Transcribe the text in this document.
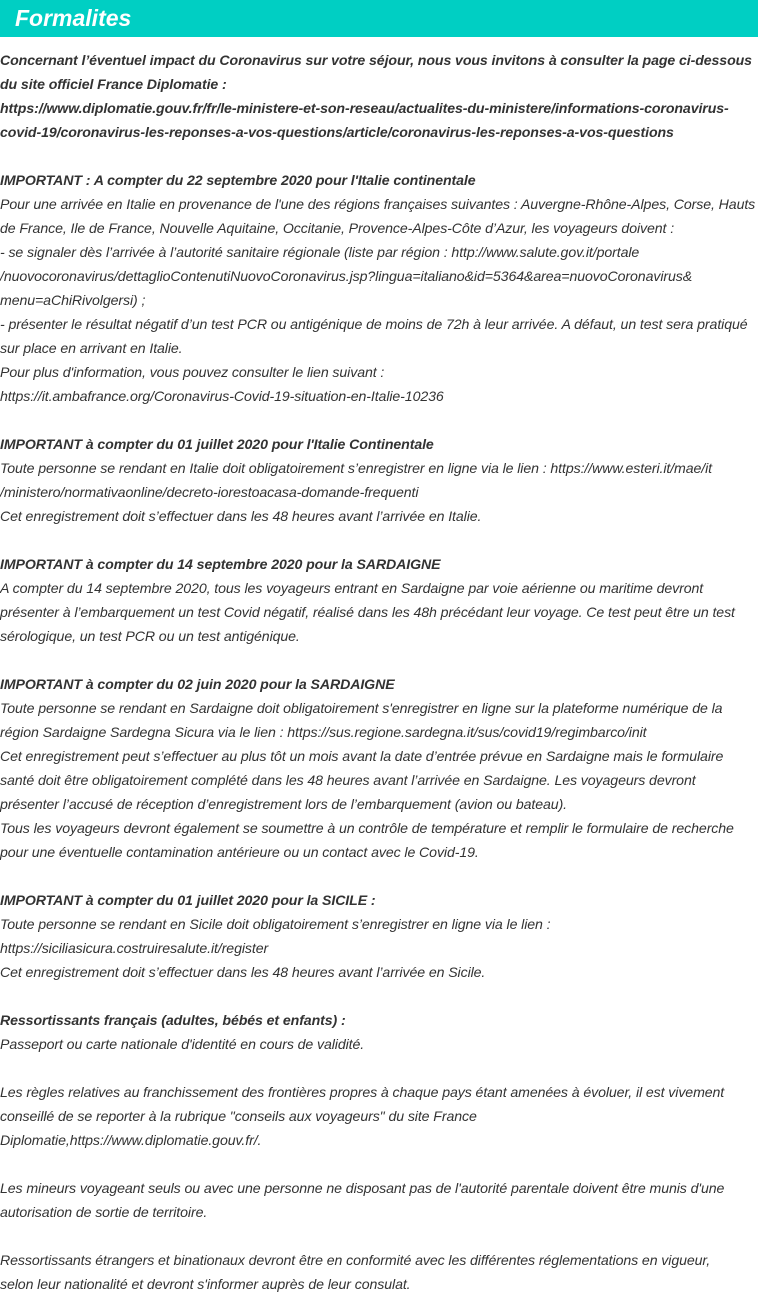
Formalites
Concernant l’éventuel impact du Coronavirus sur votre séjour, nous vous invitons à consulter la page ci-dessous
du site officiel France Diplomatie :
https://www.diplomatie.gouv.fr/fr/le-ministere-et-son-reseau/actualites-du-ministere/informations-coronavirus-
covid-19/coronavirus-les-reponses-a-vos-questions/article/coronavirus-les-reponses-a-vos-questions
IMPORTANT : A compter du 22 septembre 2020 pour l'Italie continentale
Pour une arrivée en Italie en provenance de l'une des régions françaises suivantes : Auvergne-Rhône-Alpes, Corse, Hauts
de France, Ile de France, Nouvelle Aquitaine, Occitanie, Provence-Alpes-Côte d’Azur, les voyageurs doivent :
- se signaler dès l’arrivée à l’autorité sanitaire régionale (liste par région : http://www.salute.gov.it/portale
/nuovocoronavirus/dettaglioContenutiNuovoCoronavirus.jsp?lingua=italiano&id=5364&area=nuovoCoronavirus&
menu=aChiRivolgersi) ;
- présenter le résultat négatif d’un test PCR ou antigénique de moins de 72h à leur arrivée. A défaut, un test sera pratiqué
sur place en arrivant en Italie.
Pour plus d'information, vous pouvez consulter le lien suivant :
https://it.ambafrance.org/Coronavirus-Covid-19-situation-en-Italie-10236
IMPORTANT à compter du 01 juillet 2020 pour l'Italie Continentale
Toute personne se rendant en Italie doit obligatoirement s’enregistrer en ligne via le lien : https://www.esteri.it/mae/it
/ministero/normativaonline/decreto-iorestoacasa-domande-frequenti
Cet enregistrement doit s’effectuer dans les 48 heures avant l’arrivée en Italie.
IMPORTANT à compter du 14 septembre 2020 pour la SARDAIGNE
A compter du 14 septembre 2020, tous les voyageurs entrant en Sardaigne par voie aérienne ou maritime devront
présenter à l’embarquement un test Covid négatif, réalisé dans les 48h précédant leur voyage. Ce test peut être un test
sérologique, un test PCR ou un test antigénique.
IMPORTANT à compter du 02 juin 2020 pour la SARDAIGNE
Toute personne se rendant en Sardaigne doit obligatoirement s'enregistrer en ligne sur la plateforme numérique de la
région Sardaigne Sardegna Sicura via le lien : https://sus.regione.sardegna.it/sus/covid19/regimbarco/init
Cet enregistrement peut s’effectuer au plus tôt un mois avant la date d’entrée prévue en Sardaigne mais le formulaire
santé doit être obligatoirement complété dans les 48 heures avant l’arrivée en Sardaigne. Les voyageurs devront
présenter l’accusé de réception d’enregistrement lors de l’embarquement (avion ou bateau).
Tous les voyageurs devront également se soumettre à un contrôle de température et remplir le formulaire de recherche
pour une éventuelle contamination antérieure ou un contact avec le Covid-19.
IMPORTANT à compter du 01 juillet 2020 pour la SICILE :
Toute personne se rendant en Sicile doit obligatoirement s’enregistrer en ligne via le lien :
https://siciliasicura.costruiresalute.it/register
Cet enregistrement doit s’effectuer dans les 48 heures avant l’arrivée en Sicile.
Ressortissants français (adultes, bébés et enfants) :
Passeport ou carte nationale d'identité en cours de validité.
Les règles relatives au franchissement des frontières propres à chaque pays étant amenées à évoluer, il est vivement
conseillé de se reporter à la rubrique "conseils aux voyageurs" du site France
Diplomatie,https://www.diplomatie.gouv.fr/.
Les mineurs voyageant seuls ou avec une personne ne disposant pas de l'autorité parentale doivent être munis d'une
autorisation de sortie de territoire.
Ressortissants étrangers et binationaux devront être en conformité avec les différentes réglementations en vigueur,
selon leur nationalité et devront s'informer auprès de leur consulat.
